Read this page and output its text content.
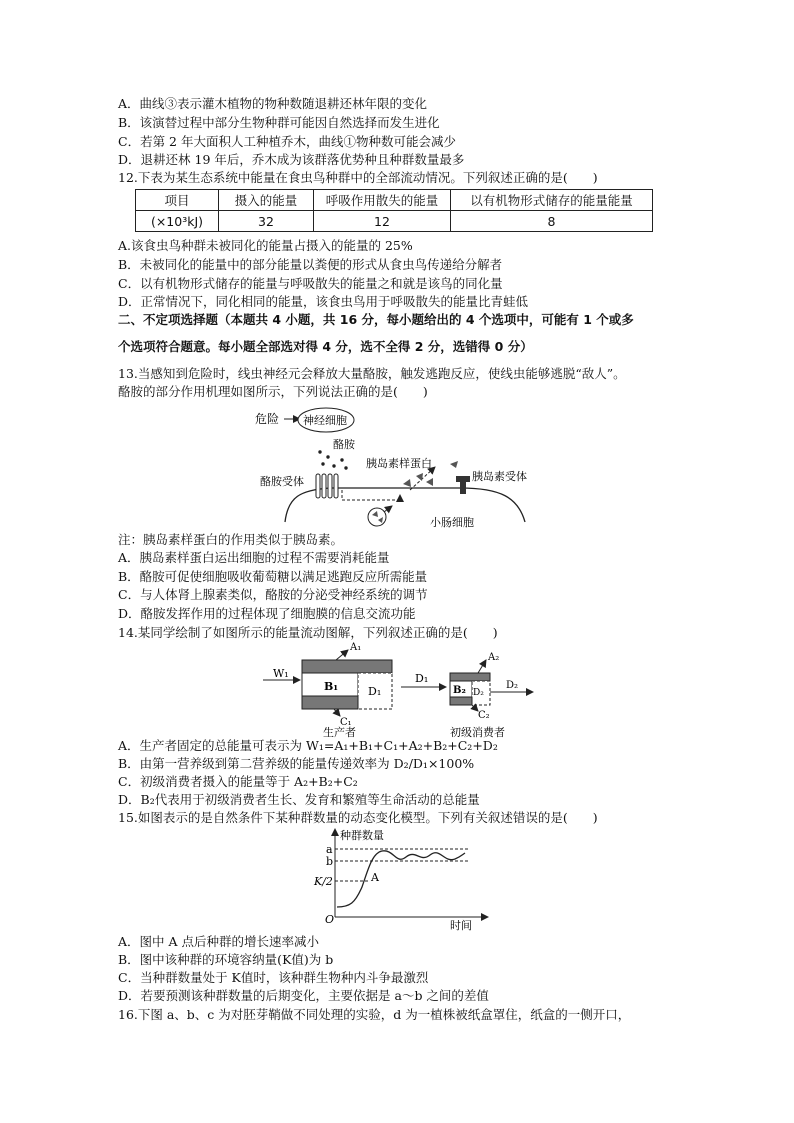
A．曲线③表示灌木植物的物种数随退耕还林年限的变化
B．该演替过程中部分生物种群可能因自然选择而发生进化
C．若第 2 年大面积人工种植乔木，曲线①物种数可能会减少
D．退耕还林 19 年后，乔木成为该群落优势种且种群数量最多
12.下表为某生态系统中能量在食虫鸟种群中的全部流动情况。下列叙述正确的是(　　)
项目	摄入的能量	呼吸作用散失的能量	以有机物形式储存的能量能量
(×10³kJ)	32	12	8
A.该食虫鸟种群未被同化的能量占摄入的能量的 25%
B．未被同化的能量中的部分能量以粪便的形式从食虫鸟传递给分解者
C．以有机物形式储存的能量与呼吸散失的能量之和就是该鸟的同化量
D．正常情况下，同化相同的能量，该食虫鸟用于呼吸散失的能量比青蛙低
二、不定项选择题（本题共 4 小题，共 16 分，每小题给出的 4 个选项中，可能有 1 个或多
个选项符合题意。每小题全部选对得 4 分，选不全得 2 分，选错得 0 分）
13.当感知到危险时，线虫神经元会释放大量酪胺，触发逃跑反应，使线虫能够逃脱“敌人”。
酪胺的部分作用机理如图所示，下列说法正确的是(　　)
危险 神经细胞
酪胺
胰岛素样蛋白
酪胺受体	胰岛素受体
小肠细胞
注：胰岛素样蛋白的作用类似于胰岛素。
A．胰岛素样蛋白运出细胞的过程不需要消耗能量
B．酪胺可促使细胞吸收葡萄糖以满足逃跑反应所需能量
C．与人体肾上腺素类似，酪胺的分泌受神经系统的调节
D．酪胺发挥作用的过程体现了细胞膜的信息交流功能
14.某同学绘制了如图所示的能量流动图解，下列叙述正确的是(　　)
W₁
B₁	D₁
A₁
C₁
生产者
D₁
B₂ D₂
A₂
C₂
D₂
初级消费者
A．生产者固定的总能量可表示为 W₁=A₁+B₁+C₁+A₂+B₂+C₂+D₂
B．由第一营养级到第二营养级的能量传递效率为 D₂/D₁×100%
C．初级消费者摄入的能量等于 A₂+B₂+C₂
D．B₂代表用于初级消费者生长、发育和繁殖等生命活动的总能量
15.如图表示的是自然条件下某种群数量的动态变化模型。下列有关叙述错误的是(　　)
种群数量
时间
O
a
b
K/2	A
A．图中 A 点后种群的增长速率减小
B．图中该种群的环境容纳量(K值)为 b
C．当种群数量处于 K值时，该种群生物种内斗争最激烈
D．若要预测该种群数量的后期变化，主要依据是 a～b 之间的差值
16.下图 a、b、c 为对胚芽鞘做不同处理的实验，d 为一植株被纸盒罩住，纸盒的一侧开口，
